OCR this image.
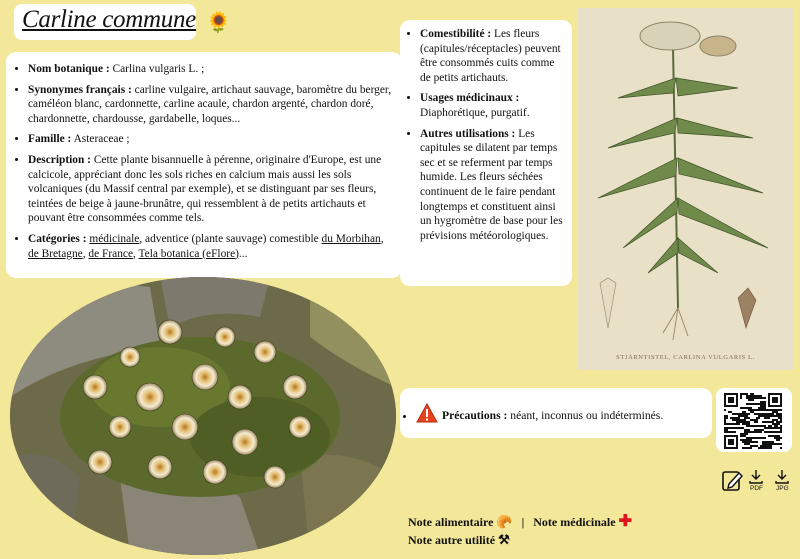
Carline commune 🌻
• Nom botanique : Carlina vulgaris L. ;
• Synonymes français : carline vulgaire, artichaut sauvage, baromètre du berger, caméléon blanc, cardonnette, carline acaule, chardon argenté, chardon doré, chardonnette, chardousse, gardabelle, loques...
• Famille : Asteraceae ;
• Description : Cette plante bisannuelle à pérenne, originaire d'Europe, est une calcicole, appréciant donc les sols riches en calcium mais aussi les sols volcaniques (du Massif central par exemple), et se distinguant par ses fleurs, teintées de beige à jaune-brunâtre, qui ressemblent à de petits artichauts et pouvant être consommées comme tels.
• Catégories : médicinale, adventice (plante sauvage) comestible du Morbihan, de Bretagne, de France, Tela botanica (eFlore)...
• Comestibilité : Les fleurs (capitules/réceptacles) peuvent être consommés cuits comme de petits artichauts.
• Usages médicinaux : Diaphorétique, purgatif.
• Autres utilisations : Les capitules se dilatent par temps sec et se referment par temps humide. Les fleurs séchées continuent de le faire pendant longtemps et constituent ainsi un hygromètre de base pour les prévisions météorologiques.
STJÄRNTISTEL, CARLINA VULGARIS L.
• Précautions : néant, inconnus ou indéterminés.
PDF JPG
Note alimentaire 🥐 | Note médicinale ✚
Note autre utilité ⚒
